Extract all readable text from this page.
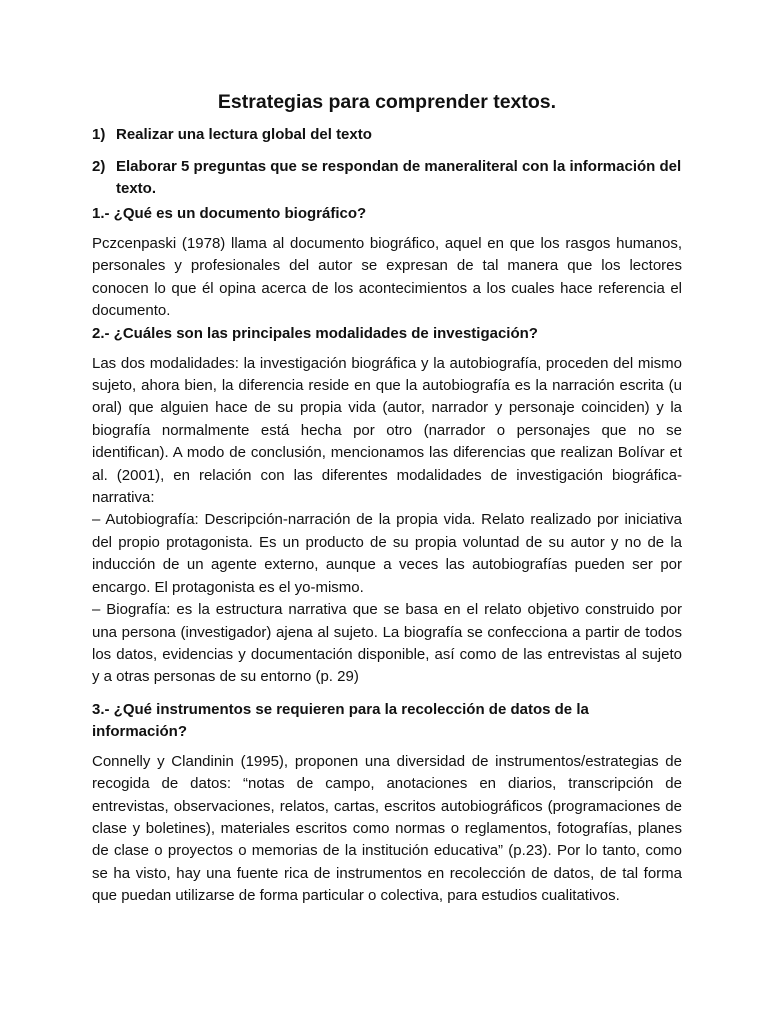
Estrategias para comprender textos.
1) Realizar una lectura global del texto
2) Elaborar 5 preguntas que se respondan de maneraliteral con la información del texto.

1.- ¿Qué es un documento biográfico?

Pczcenpaski (1978) llama al documento biográfico, aquel en que los rasgos humanos, personales y profesionales del autor se expresan de tal manera que los lectores conocen lo que él opina acerca de los acontecimientos a los cuales hace referencia el documento.

2.- ¿Cuáles son las principales modalidades de investigación?

Las dos modalidades: la investigación biográfica y la autobiografía, proceden del mismo sujeto, ahora bien, la diferencia reside en que la autobiografía es la narración escrita (u oral) que alguien hace de su propia vida (autor, narrador y personaje coinciden) y la biografía normalmente está hecha por otro (narrador o personajes que no se identifican). A modo de conclusión, mencionamos las diferencias que realizan Bolívar et al. (2001), en relación con las diferentes modalidades de investigación biográfica-narrativa:

– Autobiografía: Descripción-narración de la propia vida. Relato realizado por iniciativa del propio protagonista. Es un producto de su propia voluntad de su autor y no de la inducción de un agente externo, aunque a veces las autobiografías pueden ser por encargo. El protagonista es el yo-mismo.

– Biografía: es la estructura narrativa que se basa en el relato objetivo construido por una persona (investigador) ajena al sujeto. La biografía se confecciona a partir de todos los datos, evidencias y documentación disponible, así como de las entrevistas al sujeto y a otras personas de su entorno (p. 29)

3.- ¿Qué instrumentos se requieren para la recolección de datos de la información?

Connelly y Clandinin (1995), proponen una diversidad de instrumentos/estrategias de recogida de datos: “notas de campo, anotaciones en diarios, transcripción de entrevistas, observaciones, relatos, cartas, escritos autobiográficos (programaciones de clase y boletines), materiales escritos como normas o reglamentos, fotografías, planes de clase o proyectos o memorias de la institución educativa” (p.23). Por lo tanto, como se ha visto, hay una fuente rica de instrumentos en recolección de datos, de tal forma que puedan utilizarse de forma particular o colectiva, para estudios cualitativos.
